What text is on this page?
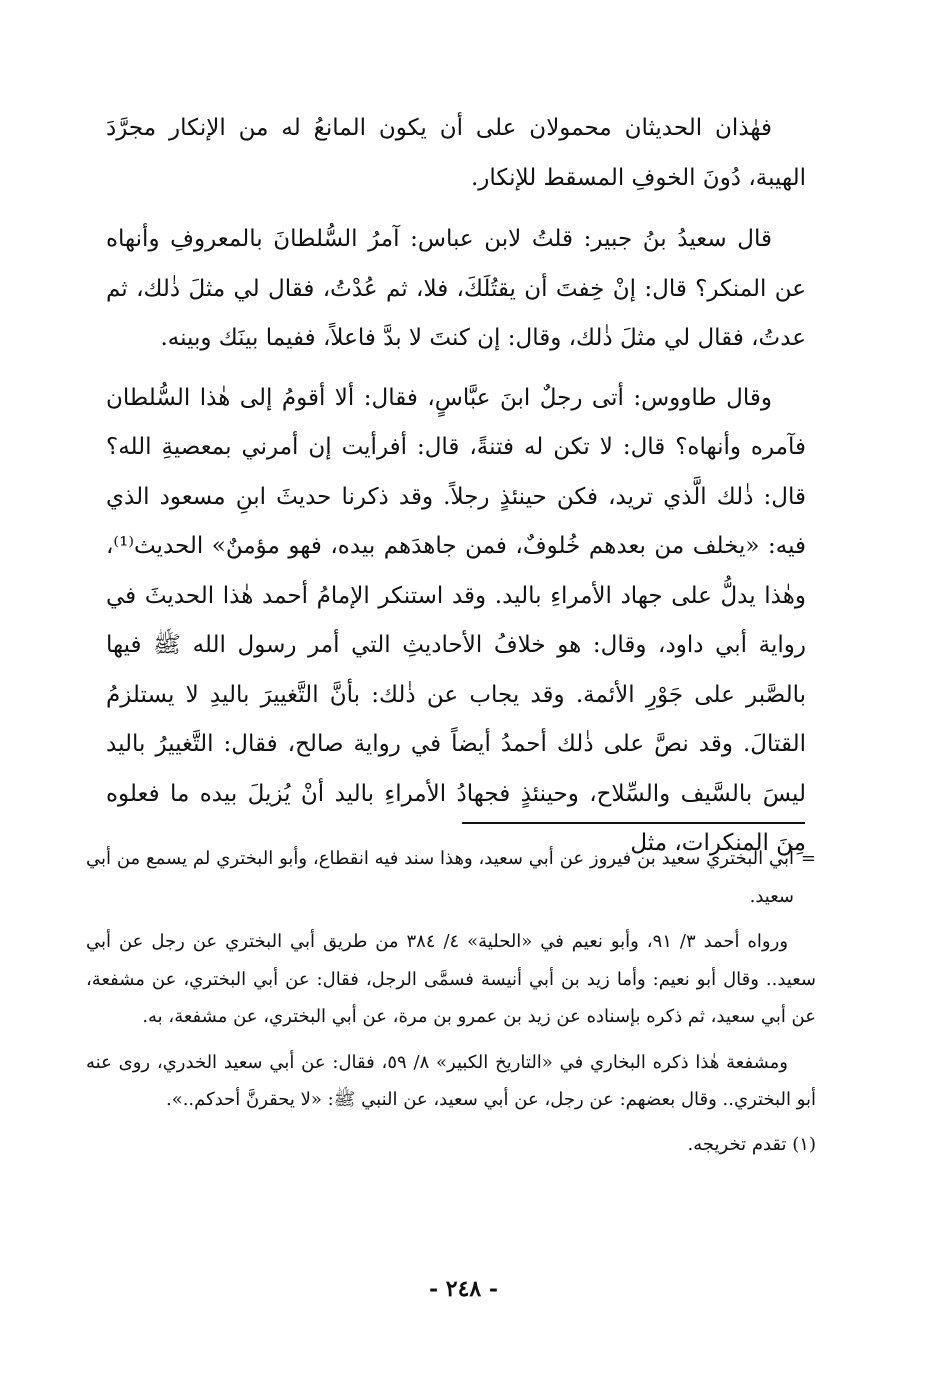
فهٰذان الحديثان محمولان على أن يكون المانعُ له من الإنكار مجرَّدَ الهيبة، دُونَ الخوفِ المسقط للإنكار.

قال سعيدُ بنُ جبير: قلتُ لابن عباس: آمرُ السُّلطانَ بالمعروفِ وأنهاه عن المنكر؟ قال: إنْ خِفتَ أن يقتُلَكَ، فلا، ثم عُدْتُ، فقال لي مثلَ ذٰلك، ثم عدتُ، فقال لي مثلَ ذٰلك، وقال: إن كنتَ لا بدَّ فاعلاً، ففيما بينَك وبينه.

وقال طاووس: أتى رجلٌ ابنَ عبَّاسٍ، فقال: ألا أقومُ إلى هٰذا السُّلطان فآمره وأنهاه؟ قال: لا تكن له فتنةً، قال: أفرأيت إن أمرني بمعصيةِ الله؟ قال: ذٰلك الَّذي تريد، فكن حينئذٍ رجلاً. وقد ذكرنا حديثَ ابنِ مسعود الذي فيه: «يخلف من بعدهم خُلوفٌ، فمن جاهدَهم بيده، فهو مؤمنٌ» الحديث⁽¹⁾، وهٰذا يدلُّ على جهاد الأمراءِ باليد. وقد استنكر الإمامُ أحمد هٰذا الحديثَ في رواية أبي داود، وقال: هو خلافُ الأحاديثِ التي أمر رسول الله ﷺ فيها بالصَّبر على جَوْرِ الأئمة. وقد يجاب عن ذٰلك: بأنَّ التَّغييرَ باليدِ لا يستلزمُ القتالَ. وقد نصَّ على ذٰلك أحمدُ أيضاً في رواية صالح، فقال: التَّغييرُ باليد ليسَ بالسَّيف والسِّلاح، وحينئذٍ فجهادُ الأمراءِ باليد أنْ يُزيلَ بيده ما فعلوه مِنَ المنكرات، مثل

=
أبي البختري سعيد بن فيروز عن أبي سعيد، وهذا سند فيه انقطاع، وأبو البختري لم يسمع من أبي سعيد.

ورواه أحمد ٣/ ٩١، وأبو نعيم في «الحلية» ٤/ ٣٨٤ من طريق أبي البختري عن رجل عن أبي سعيد.. وقال أبو نعيم: وأما زيد بن أبي أنيسة فسمَّى الرجل، فقال: عن أبي البختري، عن مشفعة، عن أبي سعيد، ثم ذكره بإسناده عن زيد بن عمرو بن مرة، عن أبي البختري، عن مشفعة، به.

ومشفعة هٰذا ذكره البخاري في «التاريخ الكبير» ٨/ ٥٩، فقال: عن أبي سعيد الخدري، روى عنه أبو البختري.. وقال بعضهم: عن رجل، عن أبي سعيد، عن النبي ﷺ: «لا يحقرنَّ أحدكم..».

(١) تقدم تخريجه.

- ٢٤٨ -
